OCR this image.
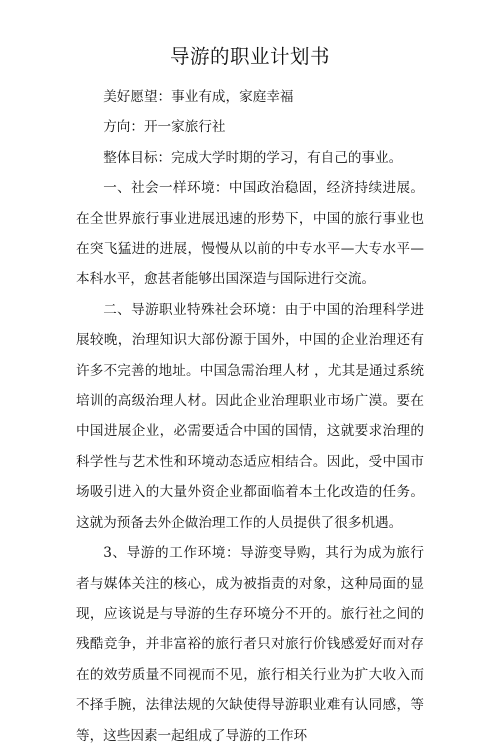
导游的职业计划书

美好愿望：事业有成，家庭幸福

方向：开一家旅行社

整体目标：完成大学时期的学习，有自己的事业。

一、社会一样环境：中国政治稳固，经济持续进展。在全世界旅行事业进展迅速的形势下，中国的旅行事业也在突飞猛进的进展，慢慢从以前的中专水平—大专水平—本科水平，愈甚者能够出国深造与国际进行交流。

二、导游职业特殊社会环境：由于中国的治理科学进展较晚，治理知识大部份源于国外，中国的企业治理还有许多不完善的地址。中国急需治理人材 ，尤其是通过系统培训的高级治理人材。因此企业治理职业市场广漠。要在中国进展企业，必需要适合中国的国情，这就要求治理的科学性与艺术性和环境动态适应相结合。因此，受中国市场吸引进入的大量外资企业都面临着本土化改造的任务。这就为预备去外企做治理工作的人员提供了很多机遇。

3、导游的工作环境：导游变导购，其行为成为旅行者与媒体关注的核心，成为被指责的对象，这种局面的显现，应该说是与导游的生存环境分不开的。旅行社之间的残酷竞争，并非富裕的旅行者只对旅行价钱感爱好而对存在的效劳质量不同视而不见，旅行相关行业为扩大收入而不择手腕，法律法规的欠缺使得导游职业难有认同感，等等，这些因素一起组成了导游的工作环
